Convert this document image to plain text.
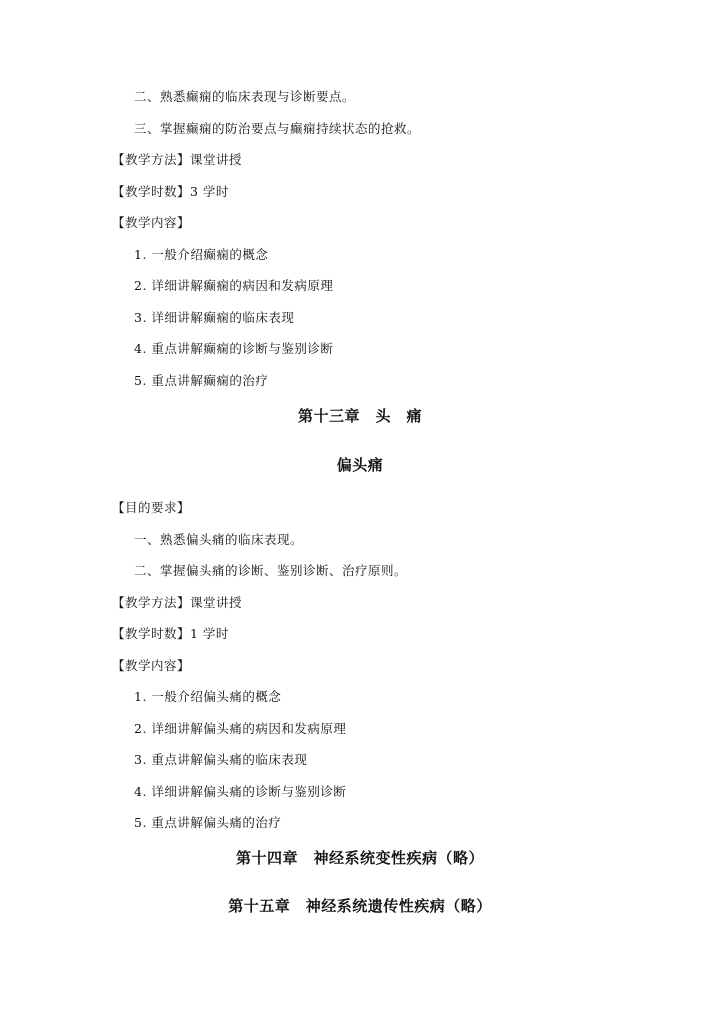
二、熟悉癫痫的临床表现与诊断要点。
三、掌握癫痫的防治要点与癫痫持续状态的抢救。
【教学方法】课堂讲授
【教学时数】3 学时
【教学内容】
1. 一般介绍癫痫的概念
2. 详细讲解癫痫的病因和发病原理
3. 详细讲解癫痫的临床表现
4. 重点讲解癫痫的诊断与鉴别诊断
5. 重点讲解癫痫的治疗
第十三章　头　痛
偏头痛
【目的要求】
一、熟悉偏头痛的临床表现。
二、掌握偏头痛的诊断、鉴别诊断、治疗原则。
【教学方法】课堂讲授
【教学时数】1 学时
【教学内容】
1. 一般介绍偏头痛的概念
2. 详细讲解偏头痛的病因和发病原理
3. 重点讲解偏头痛的临床表现
4. 详细讲解偏头痛的诊断与鉴别诊断
5. 重点讲解偏头痛的治疗
第十四章　神经系统变性疾病（略）
第十五章　神经系统遗传性疾病（略）
